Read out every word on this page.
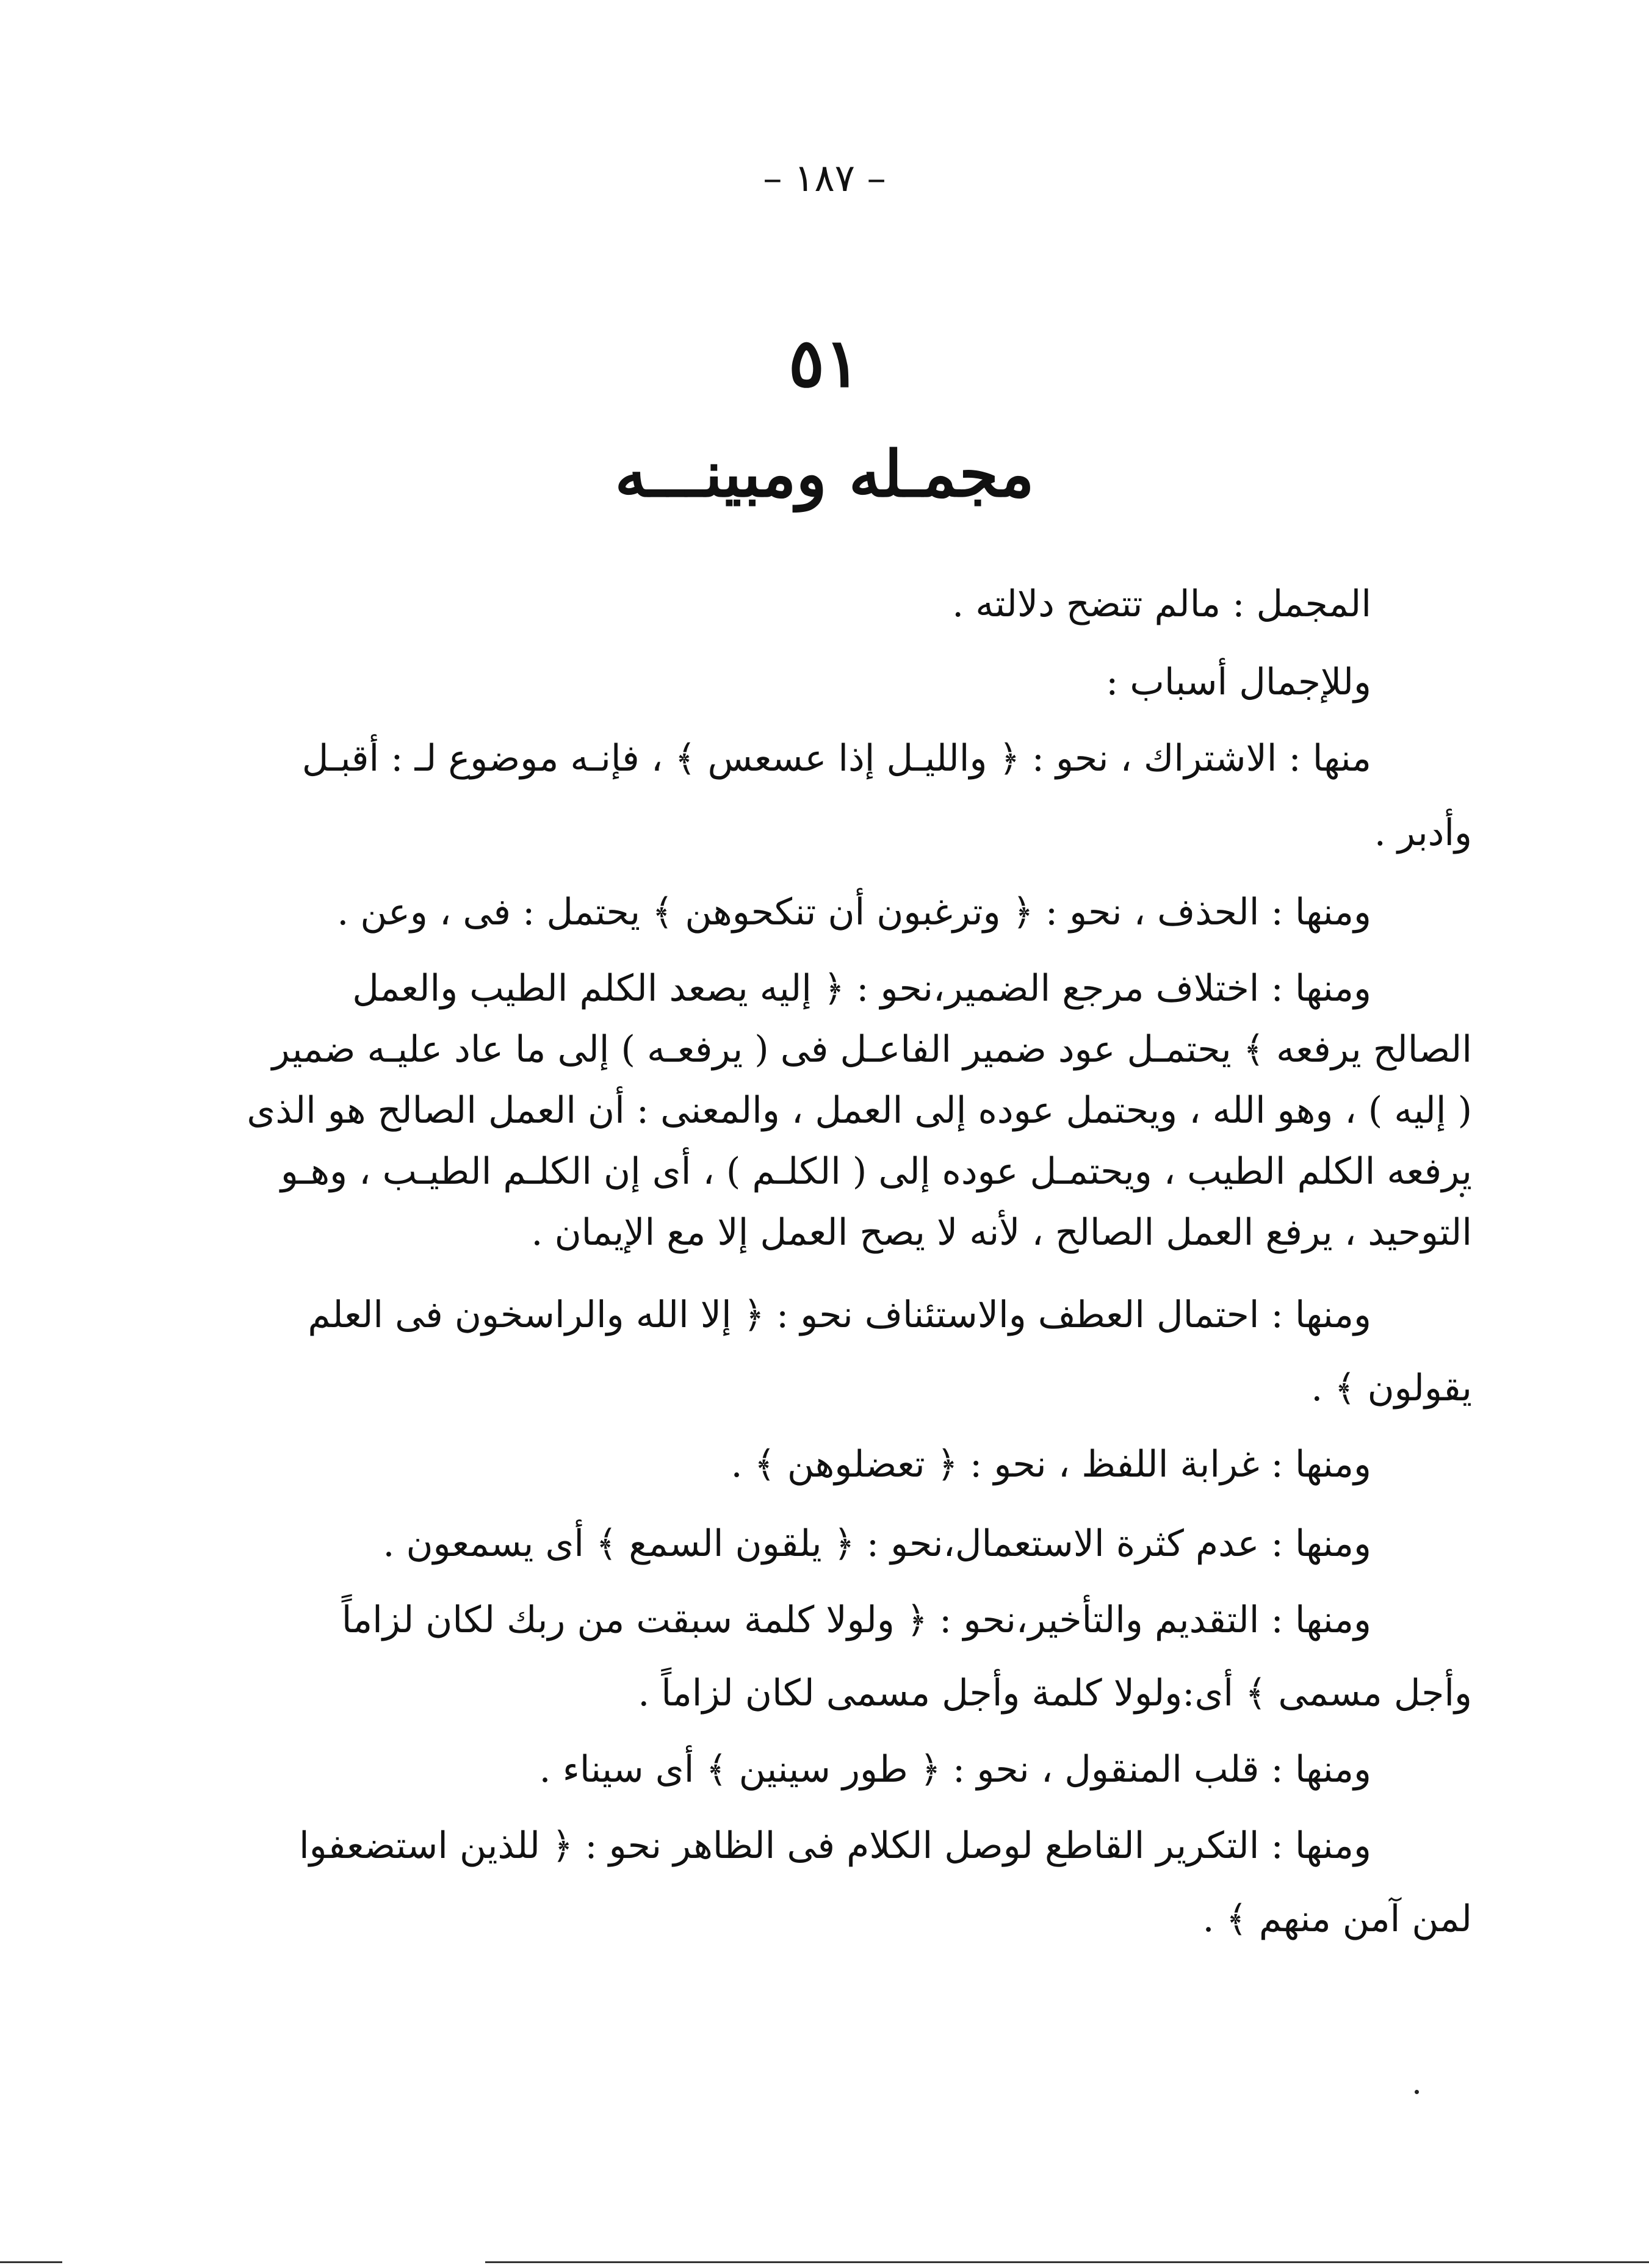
– ١٨٧ –
٥١
مجمـله ومبينـــه
المجمل : مالم تتضح دلالته .
وللإجمال أسباب :
منها : الاشتراك ، نحو : ﴿ والليـل إذا عسعس ﴾ ، فإنـه موضوع لـ : أقبـل
وأدبر .
ومنها : الحذف ، نحو : ﴿ وترغبون أن تنكحوهن ﴾ يحتمل : فى ، وعن .
ومنها : اختلاف مرجع الضمير،نحو : ﴿ إليه يصعد الكلم الطيب والعمل
الصالح يرفعه ﴾ يحتمـل عود ضمير الفاعـل فى ( يرفعـه ) إلى ما عاد عليـه ضمير
( إليه ) ، وهو الله ، ويحتمل عوده إلى العمل ، والمعنى : أن العمل الصالح هو الذى
يرفعه الكلم الطيب ، ويحتمـل عوده إلى ( الكلـم ) ، أى إن الكلـم الطيـب ، وهـو
التوحيد ، يرفع العمل الصالح ، لأنه لا يصح العمل إلا مع الإيمان .
ومنها : احتمال العطف والاستئناف نحو : ﴿ إلا الله والراسخون فى العلم
يقولون ﴾ .
ومنها : غرابة اللفظ ، نحو : ﴿ تعضلوهن ﴾ .
ومنها : عدم كثرة الاستعمال،نحو : ﴿ يلقون السمع ﴾ أى يسمعون .
ومنها : التقديم والتأخير،نحو : ﴿ ولولا كلمة سبقت من ربك لكان لزاماً
وأجل مسمى ﴾ أى:ولولا كلمة وأجل مسمى لكان لزاماً .
ومنها : قلب المنقول ، نحو : ﴿ طور سينين ﴾ أى سيناء .
ومنها : التكرير القاطع لوصل الكلام فى الظاهر نحو : ﴿ للذين استضعفوا
لمن آمن منهم ﴾ .
